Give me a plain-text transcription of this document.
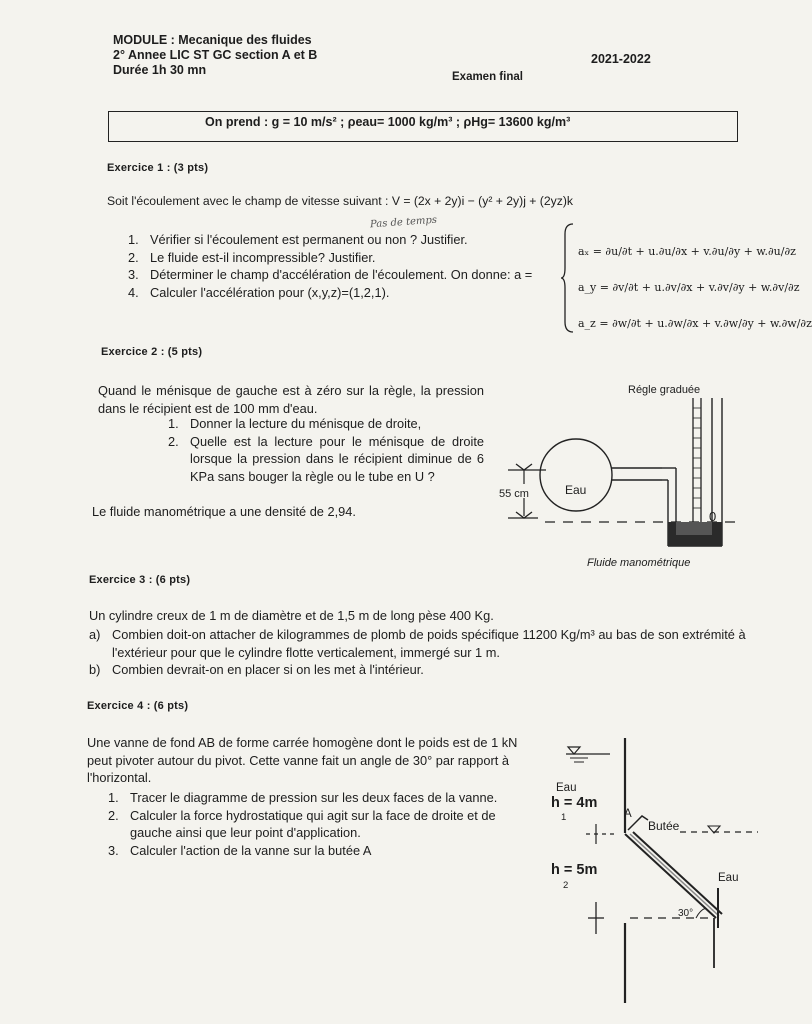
MODULE : Mecanique des fluides
2° Annee LIC ST GC section A et B
Durée 1h 30 mn
2021-2022
Examen final
On prend : g = 10 m/s² ; ρeau= 1000 kg/m³ ; ρHg= 13600 kg/m³
Exercice 1 : (3 pts)
Soit l'écoulement avec le champ de vitesse suivant : V = (2x + 2y)i − (y² + 2y)j + (2yz)k
Pas de temps
1. Vérifier si l'écoulement est permanent ou non ? Justifier.
2. Le fluide est-il incompressible? Justifier.
3. Déterminer le champ d'accélération de l'écoulement. On donne: a =
4. Calculer l'accélération pour (x,y,z)=(1,2,1).
aₓ = ∂u/∂t + u.∂u/∂x + v.∂u/∂y + w.∂u/∂z
a_y = ∂v/∂t + u.∂v/∂x + v.∂v/∂y + w.∂v/∂z
a_z = ∂w/∂t + u.∂w/∂x + v.∂w/∂y + w.∂w/∂z
Exercice 2 : (5 pts)
Quand le ménisque de gauche est à zéro sur la règle, la pression dans le récipient est de 100 mm d'eau.
1. Donner la lecture du ménisque de droite,
2. Quelle est la lecture pour le ménisque de droite lorsque la pression dans le récipient diminue de 6 KPa sans bouger la règle ou le tube en U ?
Le fluide manométrique a une densité de 2,94.
Régle graduée
Eau
55 cm
0
Fluide manométrique
Exercice 3 : (6 pts)
Un cylindre creux de 1 m de diamètre et de 1,5 m de long pèse 400 Kg.
a) Combien doit-on attacher de kilogrammes de plomb de poids spécifique 11200 Kg/m³ au bas de son extrémité à l'extérieur pour que le cylindre flotte verticalement, immergé sur 1 m.
b) Combien devrait-on en placer si on les met à l'intérieur.
Exercice 4 : (6 pts)
Une vanne de fond AB de forme carrée homogène dont le poids est de 1 kN peut pivoter autour du pivot. Cette vanne fait un angle de 30° par rapport à l'horizontal.
1. Tracer le diagramme de pression sur les deux faces de la vanne.
2. Calculer la force hydrostatique qui agit sur la face de droite et de gauche ainsi que leur point d'application.
3. Calculer l'action de la vanne sur la butée A
Eau
h = 4m
1	A
Butée
h = 5m
2
Eau
30°
